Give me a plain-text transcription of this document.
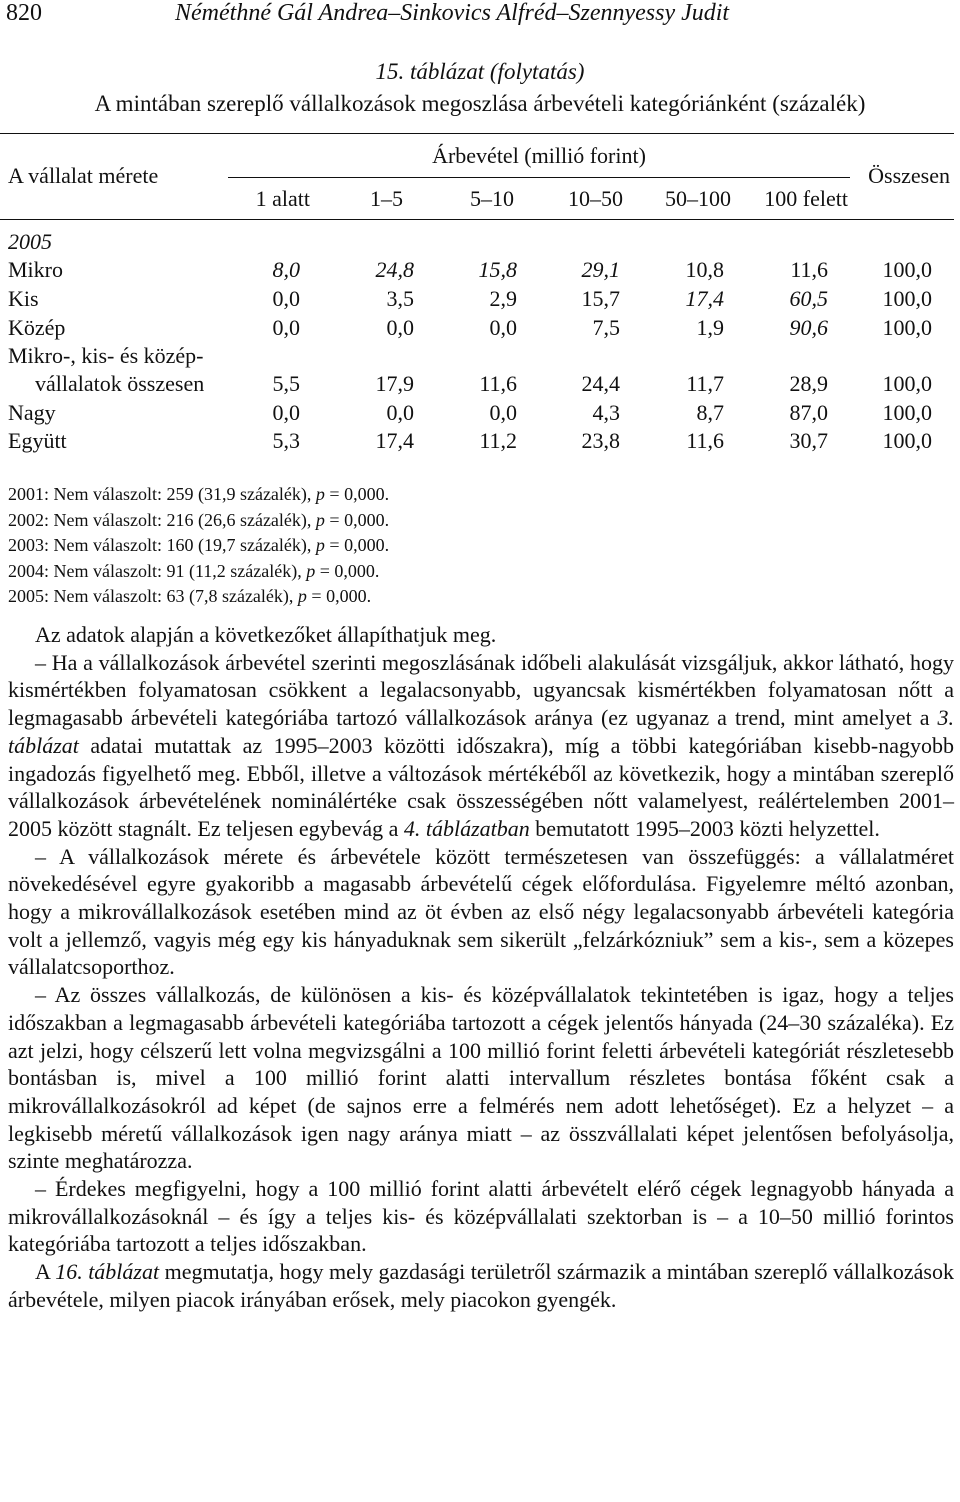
820	Néméthné Gál Andrea–Sinkovics Alfréd–Szennyessy Judit
15. táblázat (folytatás)
A mintában szereplő vállalkozások megoszlása árbevételi kategóriánként (százalék)
A vállalat mérete
Árbevétel (millió forint)
Összesen
1 alatt	1–5	5–10 10–50 50–100 100 felett
2005
Mikro	8,0	24,8	15,8	29,1	10,8	11,6 100,0
Kis	0,0	3,5	2,9	15,7	17,4	60,5 100,0
Közép	0,0	0,0	0,0	7,5	1,9	90,6 100,0
Mikro-, kis- és közép-
vállalatok összesen	5,5	17,9	11,6	24,4	11,7	28,9 100,0
Nagy	0,0	0,0	0,0	4,3	8,7	87,0 100,0
Együtt	5,3	17,4	11,2	23,8	11,6	30,7 100,0
2001: Nem válaszolt: 259 (31,9 százalék), p = 0,000.
2002: Nem válaszolt: 216 (26,6 százalék), p = 0,000.
2003: Nem válaszolt: 160 (19,7 százalék), p = 0,000.
2004: Nem válaszolt: 91 (11,2 százalék), p = 0,000.
2005: Nem válaszolt: 63 (7,8 százalék), p = 0,000.

Az adatok alapján a következőket állapíthatjuk meg.

– Ha a vállalkozások árbevétel szerinti megoszlásának időbeli alakulását vizsgáljuk, akkor látható, hogy kismértékben folyamatosan csökkent a legalacsonyabb, ugyancsak kismértékben folyamatosan nőtt a legmagasabb árbevételi kategóriába tartozó vállalkozások aránya (ez ugyanaz a trend, mint amelyet a 3. táblázat adatai mutattak az 1995–2003 közötti időszakra), míg a többi kategóriában kisebb-nagyobb ingadozás figyelhető meg. Ebből, illetve a változások mértékéből az következik, hogy a mintában szereplő vállalkozások árbevételének nominálértéke csak összességében nőtt valamelyest, reálértelemben 2001–2005 között stagnált. Ez teljesen egybevág a 4. táblázatban bemutatott 1995–2003 közti helyzettel.

– A vállalkozások mérete és árbevétele között természetesen van összefüggés: a vállalatméret növekedésével egyre gyakoribb a magasabb árbevételű cégek előfordulása. Figyelemre méltó azonban, hogy a mikrovállalkozások esetében mind az öt évben az első négy legalacsonyabb árbevételi kategória volt a jellemző, vagyis még egy kis hányaduknak sem sikerült „felzárkózniuk” sem a kis-, sem a közepes vállalatcsoporthoz.

– Az összes vállalkozás, de különösen a kis- és középvállalatok tekintetében is igaz, hogy a teljes időszakban a legmagasabb árbevételi kategóriába tartozott a cégek jelentős hányada (24–30 százaléka). Ez azt jelzi, hogy célszerű lett volna megvizsgálni a 100 millió forint feletti árbevételi kategóriát részletesebb bontásban is, mivel a 100 millió forint alatti intervallum részletes bontása főként csak a mikrovállalkozásokról ad képet (de sajnos erre a felmérés nem adott lehetőséget). Ez a helyzet – a legkisebb méretű vállalkozások igen nagy aránya miatt – az összvállalati képet jelentősen befolyásolja, szinte meghatározza.

– Érdekes megfigyelni, hogy a 100 millió forint alatti árbevételt elérő cégek legnagyobb hányada a mikrovállalkozásoknál – és így a teljes kis- és középvállalati szektorban is – a 10–50 millió forintos kategóriába tartozott a teljes időszakban.

A 16. táblázat megmutatja, hogy mely gazdasági területről származik a mintában szereplő vállalkozások árbevétele, milyen piacok irányában erősek, mely piacokon gyengék.
